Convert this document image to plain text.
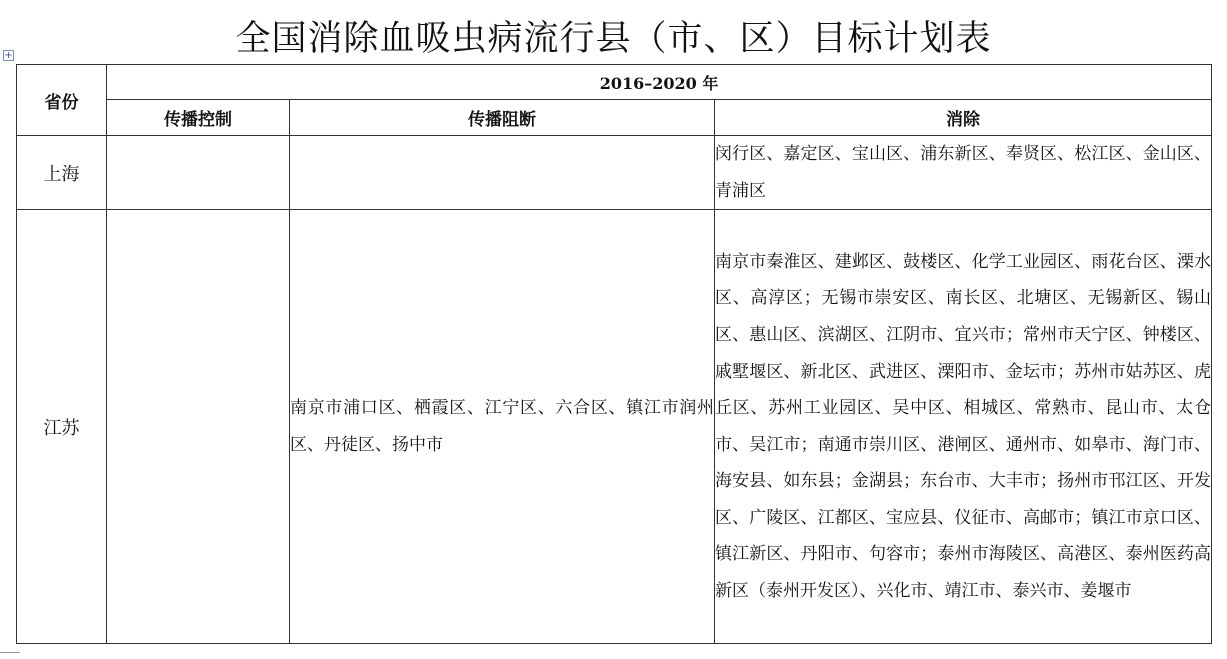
全国消除血吸虫病流行县（市、区）目标计划表
+
省份	2016–2020 年		
	传播控制	传播阻断	消除
上海			闵行区、嘉定区、宝山区、浦东新区、奉贤区、松江区、金山区、青浦区
江苏		南京市浦口区、栖霞区、江宁区、六合区、镇江市润州区、丹徒区、扬中市	南京市秦淮区、建邺区、鼓楼区、化学工业园区、雨花台区、溧水区、高淳区；无锡市崇安区、南长区、北塘区、无锡新区、锡山区、惠山区、滨湖区、江阴市、宜兴市；常州市天宁区、钟楼区、戚墅堰区、新北区、武进区、溧阳市、金坛市；苏州市姑苏区、虎丘区、苏州工业园区、吴中区、相城区、常熟市、昆山市、太仓市、吴江市；南通市崇川区、港闸区、通州市、如皋市、海门市、海安县、如东县；金湖县；东台市、大丰市；扬州市邗江区、开发区、广陵区、江都区、宝应县、仪征市、高邮市；镇江市京口区、镇江新区、丹阳市、句容市；泰州市海陵区、高港区、泰州医药高新区（泰州开发区）、兴化市、靖江市、泰兴市、姜堰市
